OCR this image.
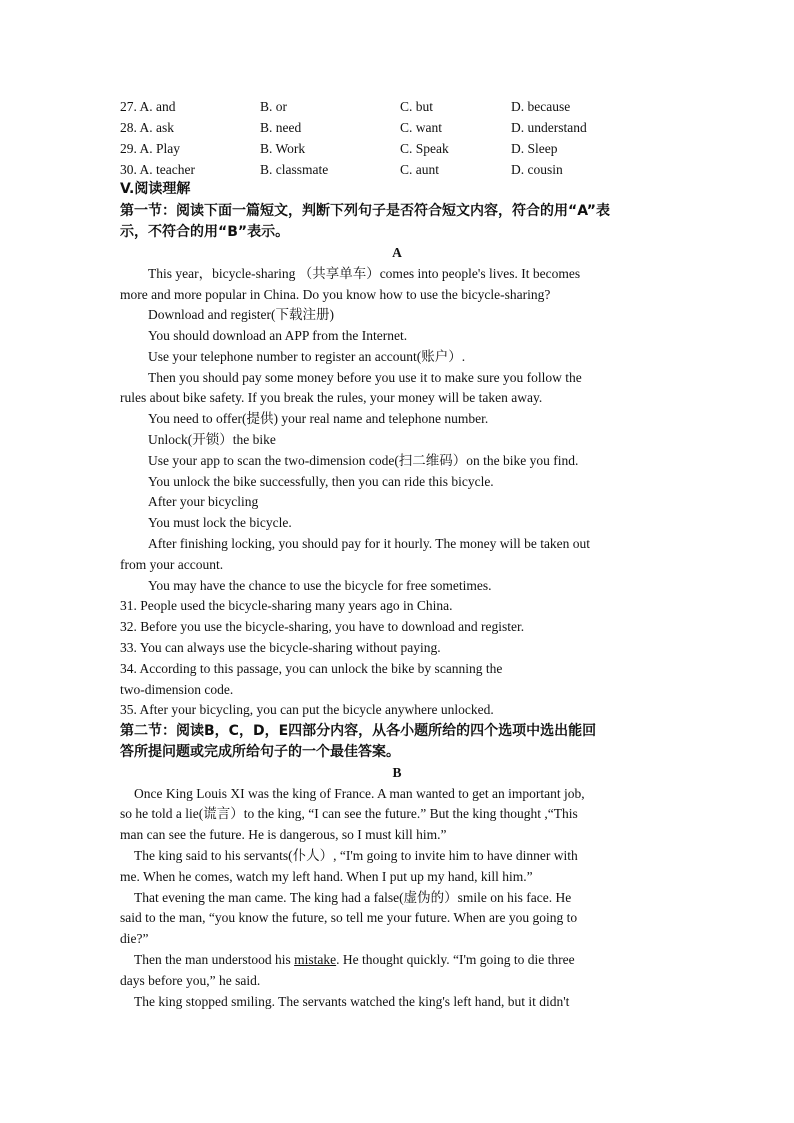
27. A. and	B. or	C. but	D. because
28. A. ask	B. need	C. want	D. understand
29. A. Play	B. Work	C. Speak	D. Sleep
30. A. teacher	B. classmate	C. aunt	D. cousin
V.阅读理解
第一节：阅读下面一篇短文，判断下列句子是否符合短文内容，符合的用“A”表
示，不符合的用“B”表示。
A
This year，bicycle-sharing （共享单车）comes into people's lives. It becomes
more and more popular in China. Do you know how to use the bicycle-sharing?
Download and register(下载注册)
You should download an APP from the Internet.
Use your telephone number to register an account(账户）.
Then you should pay some money before you use it to make sure you follow the
rules about bike safety. If you break the rules, your money will be taken away.
You need to offer(提供) your real name and telephone number.
Unlock(开锁）the bike
Use your app to scan the two-dimension code(扫二维码）on the bike you find.
You unlock the bike successfully, then you can ride this bicycle.
After your bicycling
You must lock the bicycle.
After finishing locking, you should pay for it hourly. The money will be taken out
from your account.
You may have the chance to use the bicycle for free sometimes.
31. People used the bicycle-sharing many years ago in China.
32. Before you use the bicycle-sharing, you have to download and register.
33. You can always use the bicycle-sharing without paying.
34. According to this passage, you can unlock the bike by scanning the
two-dimension code.
35. After your bicycling, you can put the bicycle anywhere unlocked.
第二节：阅读B，C，D，E四部分内容，从各小题所给的四个选项中选出能回
答所提问题或完成所给句子的一个最佳答案。
B
Once King Louis XI was the king of France. A man wanted to get an important job,
so he told a lie(谎言）to the king, “I can see the future.” But the king thought ,“This
man can see the future. He is dangerous, so I must kill him.”
The king said to his servants(仆人）, “I'm going to invite him to have dinner with
me. When he comes, watch my left hand. When I put up my hand, kill him.”
That evening the man came. The king had a false(虚伪的）smile on his face. He
said to the man, “you know the future, so tell me your future. When are you going to
die?”
Then the man understood his mistake. He thought quickly. “I'm going to die three
days before you,” he said.
The king stopped smiling. The servants watched the king's left hand, but it didn't
